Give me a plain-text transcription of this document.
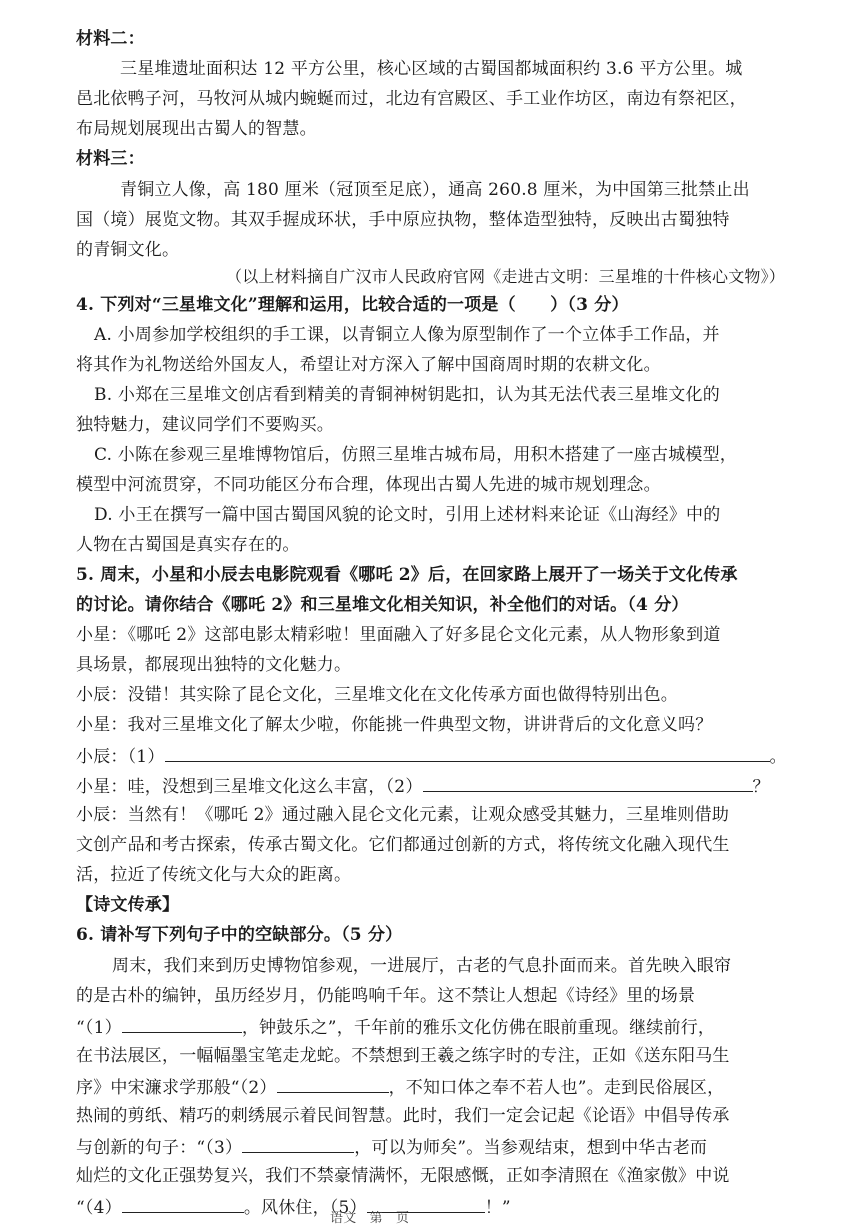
材料二：
三星堆遗址面积达 12 平方公里，核心区域的古蜀国都城面积约 3.6 平方公里。城
邑北依鸭子河，马牧河从城内蜿蜒而过，北边有宫殿区、手工业作坊区，南边有祭祀区，
布局规划展现出古蜀人的智慧。
材料三：
青铜立人像，高 180 厘米（冠顶至足底），通高 260.8 厘米，为中国第三批禁止出
国（境）展览文物。其双手握成环状，手中原应执物，整体造型独特，反映出古蜀独特
的青铜文化。
（以上材料摘自广汉市人民政府官网《走进古文明：三星堆的十件核心文物》）
4. 下列对“三星堆文化”理解和运用，比较合适的一项是（　　）（3 分）
A. 小周参加学校组织的手工课，以青铜立人像为原型制作了一个立体手工作品，并
将其作为礼物送给外国友人，希望让对方深入了解中国商周时期的农耕文化。
B. 小郑在三星堆文创店看到精美的青铜神树钥匙扣，认为其无法代表三星堆文化的
独特魅力，建议同学们不要购买。
C. 小陈在参观三星堆博物馆后，仿照三星堆古城布局，用积木搭建了一座古城模型，
模型中河流贯穿，不同功能区分布合理，体现出古蜀人先进的城市规划理念。
D. 小王在撰写一篇中国古蜀国风貌的论文时，引用上述材料来论证《山海经》中的
人物在古蜀国是真实存在的。
5. 周末，小星和小辰去电影院观看《哪吒 2》后，在回家路上展开了一场关于文化传承
的讨论。请你结合《哪吒 2》和三星堆文化相关知识，补全他们的对话。（4 分）
小星：《哪吒 2》这部电影太精彩啦！里面融入了好多昆仑文化元素，从人物形象到道
具场景，都展现出独特的文化魅力。
小辰：没错！其实除了昆仑文化，三星堆文化在文化传承方面也做得特别出色。
小星：我对三星堆文化了解太少啦，你能挑一件典型文物，讲讲背后的文化意义吗？
小辰：（1）	。
小星：哇，没想到三星堆文化这么丰富，（2）	？
小辰：当然有！《哪吒 2》通过融入昆仑文化元素，让观众感受其魅力，三星堆则借助
文创产品和考古探索，传承古蜀文化。它们都通过创新的方式，将传统文化融入现代生
活，拉近了传统文化与大众的距离。
【诗文传承】
6. 请补写下列句子中的空缺部分。（5 分）
周末，我们来到历史博物馆参观，一进展厅，古老的气息扑面而来。首先映入眼帘
的是古朴的编钟，虽历经岁月，仍能鸣响千年。这不禁让人想起《诗经》里的场景
“（1）	，钟鼓乐之”，千年前的雅乐文化仿佛在眼前重现。继续前行，
在书法展区，一幅幅墨宝笔走龙蛇。不禁想到王羲之练字时的专注，正如《送东阳马生
序》中宋濂求学那般“（2）	，不知口体之奉不若人也”。走到民俗展区，
热闹的剪纸、精巧的刺绣展示着民间智慧。此时，我们一定会记起《论语》中倡导传承
与创新的句子：“（3）	，可以为师矣”。当参观结束，想到中华古老而
灿烂的文化正强势复兴，我们不禁豪情满怀，无限感慨，正如李清照在《渔家傲》中说
“（4）	。风休住，（5）	！”
语文　第　页
